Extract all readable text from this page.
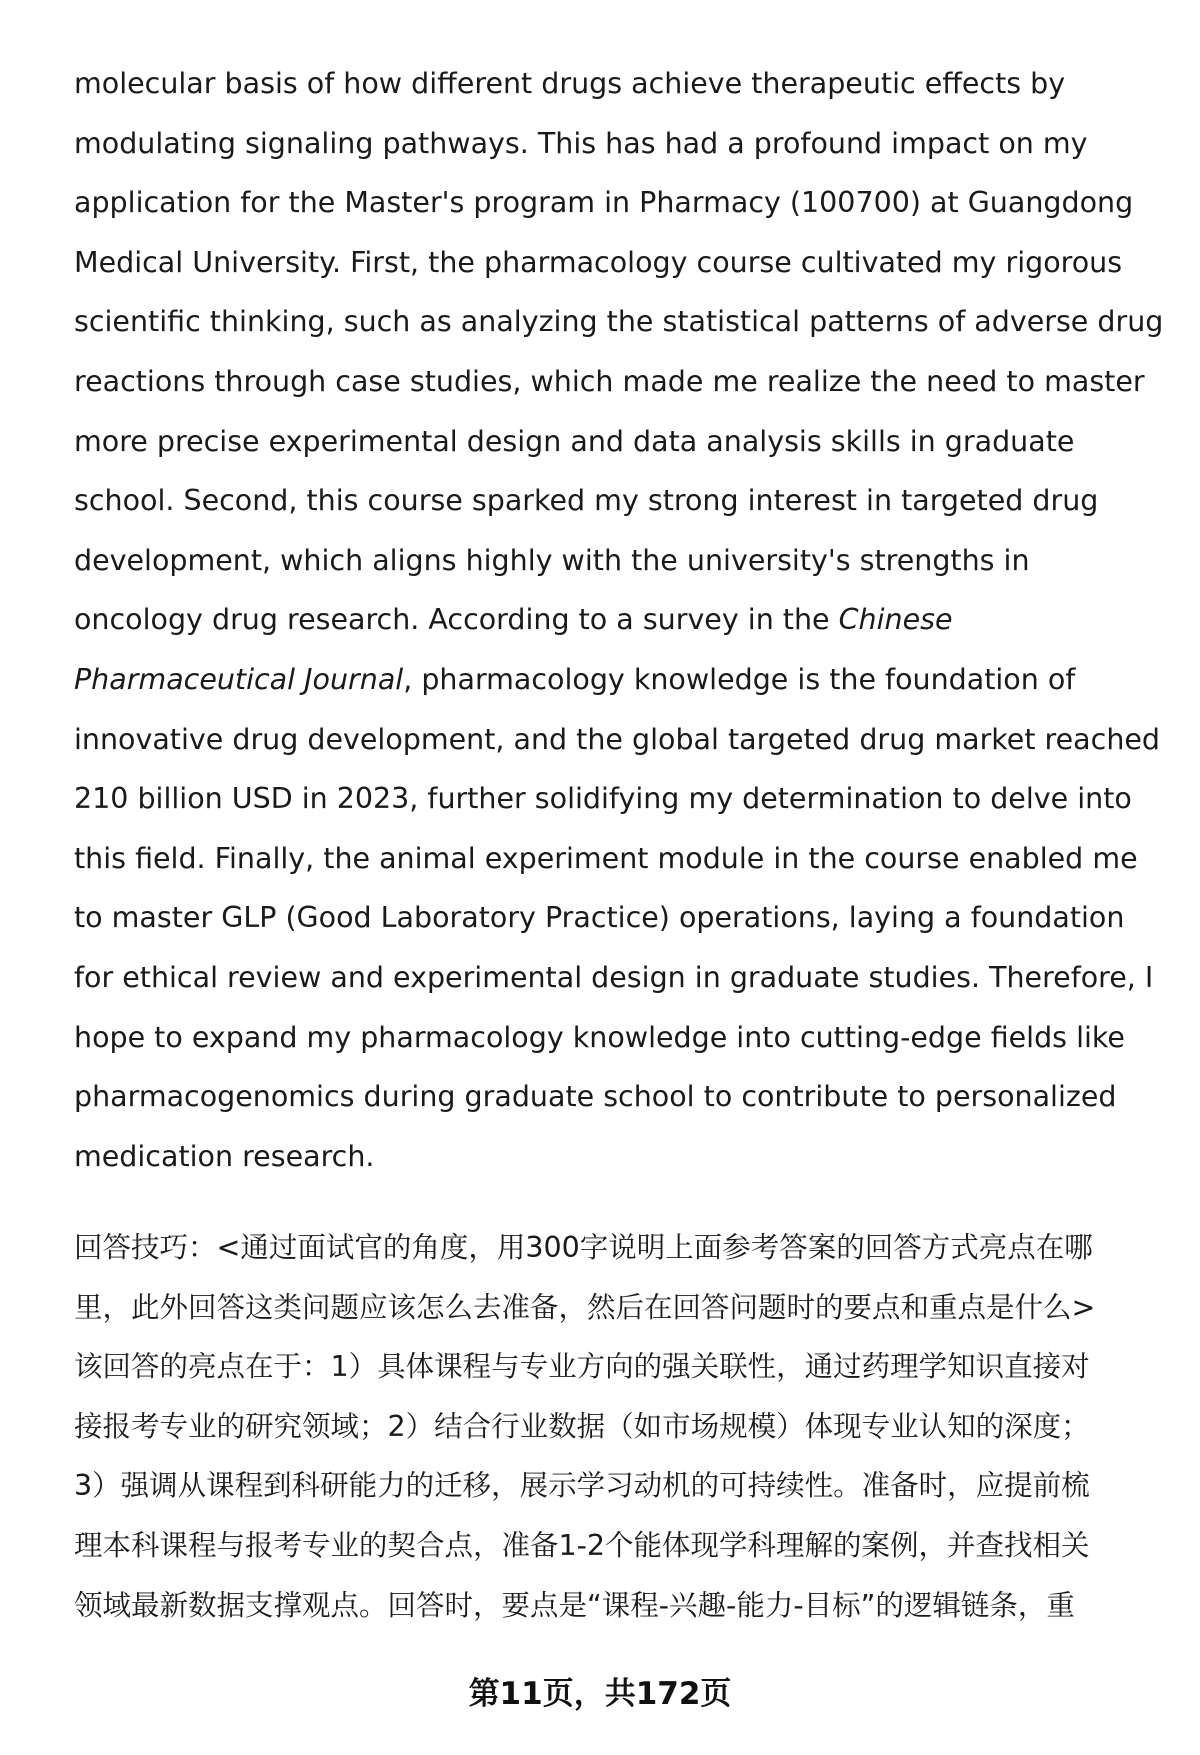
molecular basis of how different drugs achieve therapeutic effects by
modulating signaling pathways. This has had a profound impact on my
application for the Master's program in Pharmacy (100700) at Guangdong
Medical University. First, the pharmacology course cultivated my rigorous
scientific thinking, such as analyzing the statistical patterns of adverse drug
reactions through case studies, which made me realize the need to master
more precise experimental design and data analysis skills in graduate
school. Second, this course sparked my strong interest in targeted drug
development, which aligns highly with the university's strengths in
oncology drug research. According to a survey in the Chinese
Pharmaceutical Journal, pharmacology knowledge is the foundation of
innovative drug development, and the global targeted drug market reached
210 billion USD in 2023, further solidifying my determination to delve into
this field. Finally, the animal experiment module in the course enabled me
to master GLP (Good Laboratory Practice) operations, laying a foundation
for ethical review and experimental design in graduate studies. Therefore, I
hope to expand my pharmacology knowledge into cutting-edge fields like
pharmacogenomics during graduate school to contribute to personalized
medication research.
回答技巧：<通过面试官的角度，用300字说明上面参考答案的回答方式亮点在哪
里，此外回答这类问题应该怎么去准备，然后在回答问题时的要点和重点是什么>
该回答的亮点在于：1）具体课程与专业方向的强关联性，通过药理学知识直接对
接报考专业的研究领域；2）结合行业数据（如市场规模）体现专业认知的深度；
3）强调从课程到科研能力的迁移，展示学习动机的可持续性。准备时，应提前梳
理本科课程与报考专业的契合点，准备1-2个能体现学科理解的案例，并查找相关
领域最新数据支撑观点。回答时，要点是“课程-兴趣-能力-目标”的逻辑链条，重
第11页，共172页
